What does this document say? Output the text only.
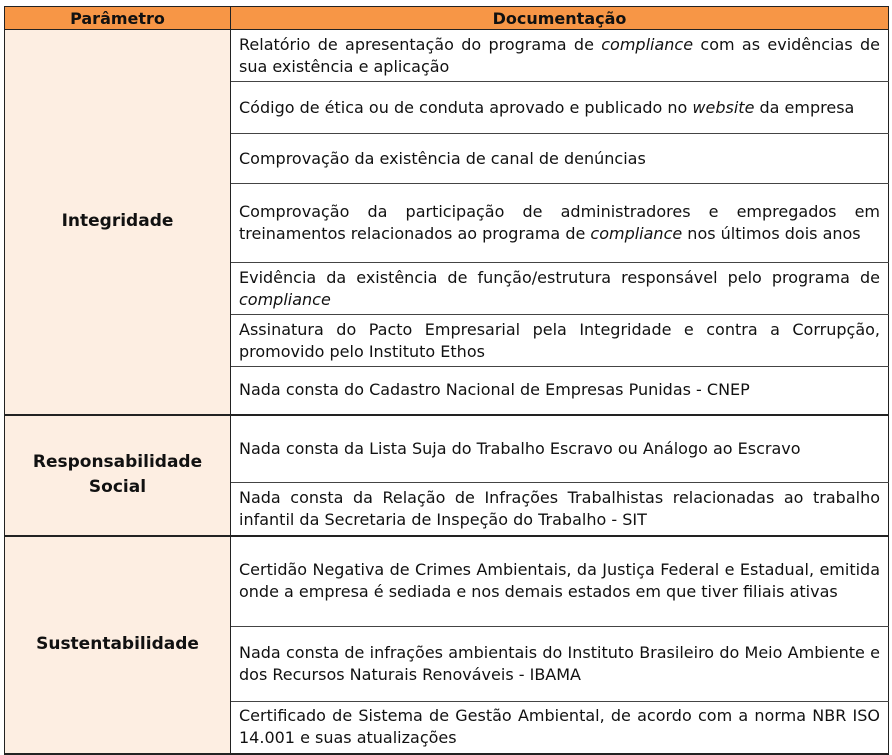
Parâmetro	Documentação
Integridade	Relatório de apresentação do programa de compliance com as evidências de sua existência e aplicação
	Código de ética ou de conduta aprovado e publicado no website da empresa
	Comprovação da existência de canal de denúncias
	Comprovação da participação de administradores e empregados em treinamentos relacionados ao programa de compliance nos últimos dois anos
	Evidência da existência de função/estrutura responsável pelo programa de compliance
	Assinatura do Pacto Empresarial pela Integridade e contra a Corrupção, promovido pelo Instituto Ethos
	Nada consta do Cadastro Nacional de Empresas Punidas - CNEP
Responsabilidade Social	Nada consta da Lista Suja do Trabalho Escravo ou Análogo ao Escravo
	Nada consta da Relação de Infrações Trabalhistas relacionadas ao trabalho infantil da Secretaria de Inspeção do Trabalho - SIT
Sustentabilidade	Certidão Negativa de Crimes Ambientais, da Justiça Federal e Estadual, emitida onde a empresa é sediada e nos demais estados em que tiver filiais ativas
	Nada consta de infrações ambientais do Instituto Brasileiro do Meio Ambiente e dos Recursos Naturais Renováveis - IBAMA
	Certificado de Sistema de Gestão Ambiental, de acordo com a norma NBR ISO 14.001 e suas atualizações
